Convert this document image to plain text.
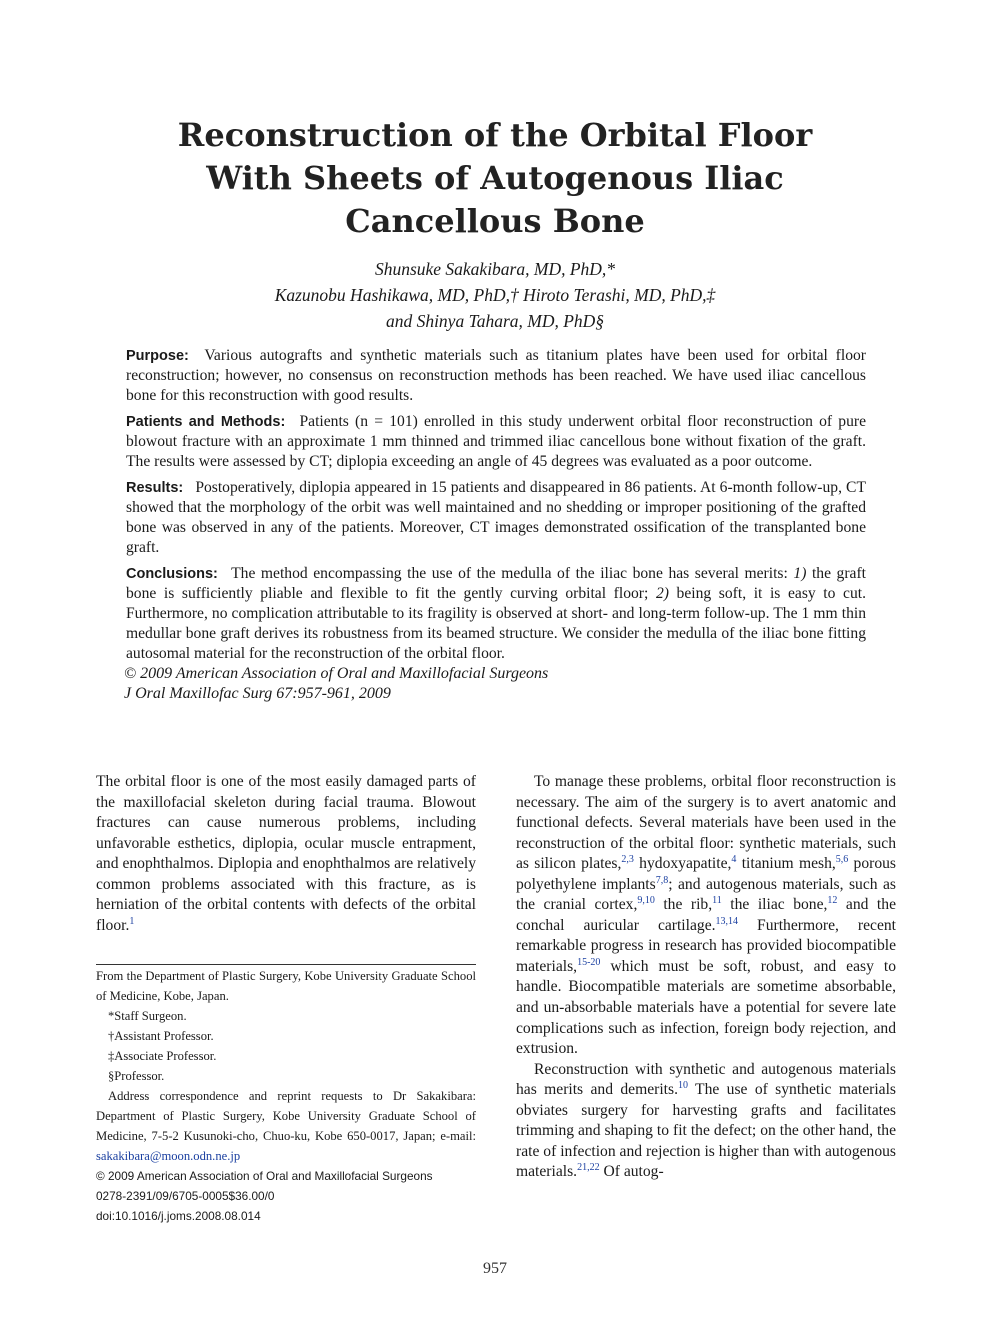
Reconstruction of the Orbital Floor
With Sheets of Autogenous Iliac
Cancellous Bone
Shunsuke Sakakibara, MD, PhD,*
Kazunobu Hashikawa, MD, PhD,† Hiroto Terashi, MD, PhD,‡
and Shinya Tahara, MD, PhD§

Purpose: Various autografts and synthetic materials such as titanium plates have been used for orbital floor reconstruction; however, no consensus on reconstruction methods has been reached. We have used iliac cancellous bone for this reconstruction with good results.

Patients and Methods: Patients (n = 101) enrolled in this study underwent orbital floor reconstruction of pure blowout fracture with an approximate 1 mm thinned and trimmed iliac cancellous bone without fixation of the graft. The results were assessed by CT; diplopia exceeding an angle of 45 degrees was evaluated as a poor outcome.

Results: Postoperatively, diplopia appeared in 15 patients and disappeared in 86 patients. At 6-month follow-up, CT showed that the morphology of the orbit was well maintained and no shedding or improper positioning of the grafted bone was observed in any of the patients. Moreover, CT images demonstrated ossification of the transplanted bone graft.

Conclusions: The method encompassing the use of the medulla of the iliac bone has several merits: 1) the graft bone is sufficiently pliable and flexible to fit the gently curving orbital floor; 2) being soft, it is easy to cut. Furthermore, no complication attributable to its fragility is observed at short- and long-term follow-up. The 1 mm thin medullar bone graft derives its robustness from its beamed structure. We consider the medulla of the iliac bone fitting autosomal material for the reconstruction of the orbital floor.

© 2009 American Association of Oral and Maxillofacial Surgeons
J Oral Maxillofac Surg 67:957-961, 2009

The orbital floor is one of the most easily damaged parts of the maxillofacial skeleton during facial trauma. Blowout fractures can cause numerous problems, including unfavorable esthetics, diplopia, ocular muscle entrapment, and enophthalmos. Diplopia and enophthalmos are relatively common problems associated with this fracture, as is herniation of the orbital contents with defects of the orbital floor.$^1$

From the Department of Plastic Surgery, Kobe University Graduate School of Medicine, Kobe, Japan.

*Staff Surgeon.

†Assistant Professor.

‡Associate Professor.

§Professor.

Address correspondence and reprint requests to Dr Sakakibara: Department of Plastic Surgery, Kobe University Graduate School of Medicine, 7-5-2 Kusunoki-cho, Chuo-ku, Kobe 650-0017, Japan; e-mail: sakakibara@moon.odn.ne.jp

© 2009 American Association of Oral and Maxillofacial Surgeons

0278-2391/09/6705-0005$36.00/0

doi:10.1016/j.joms.2008.08.014

To manage these problems, orbital floor reconstruction is necessary. The aim of the surgery is to avert anatomic and functional defects. Several materials have been used in the reconstruction of the orbital floor: synthetic materials, such as silicon plates,$^{2,3}$ hydoxyapatite,$^4$ titanium mesh,$^{5,6}$ porous polyethylene implants$^{7,8}$; and autogenous materials, such as the cranial cortex,$^{9,10}$ the rib,$^{11}$ the iliac bone,$^{12}$ and the conchal auricular cartilage.$^{13,14}$ Furthermore, recent remarkable progress in research has provided biocompatible materials,$^{15-20}$ which must be soft, robust, and easy to handle. Biocompatible materials are sometime absorbable, and un-absorbable materials have a potential for severe late complications such as infection, foreign body rejection, and extrusion.

Reconstruction with synthetic and autogenous materials has merits and demerits.$^{10}$ The use of synthetic materials obviates surgery for harvesting grafts and facilitates trimming and shaping to fit the defect; on the other hand, the rate of infection and rejection is higher than with autogenous materials.$^{21,22}$ Of autog-

957
